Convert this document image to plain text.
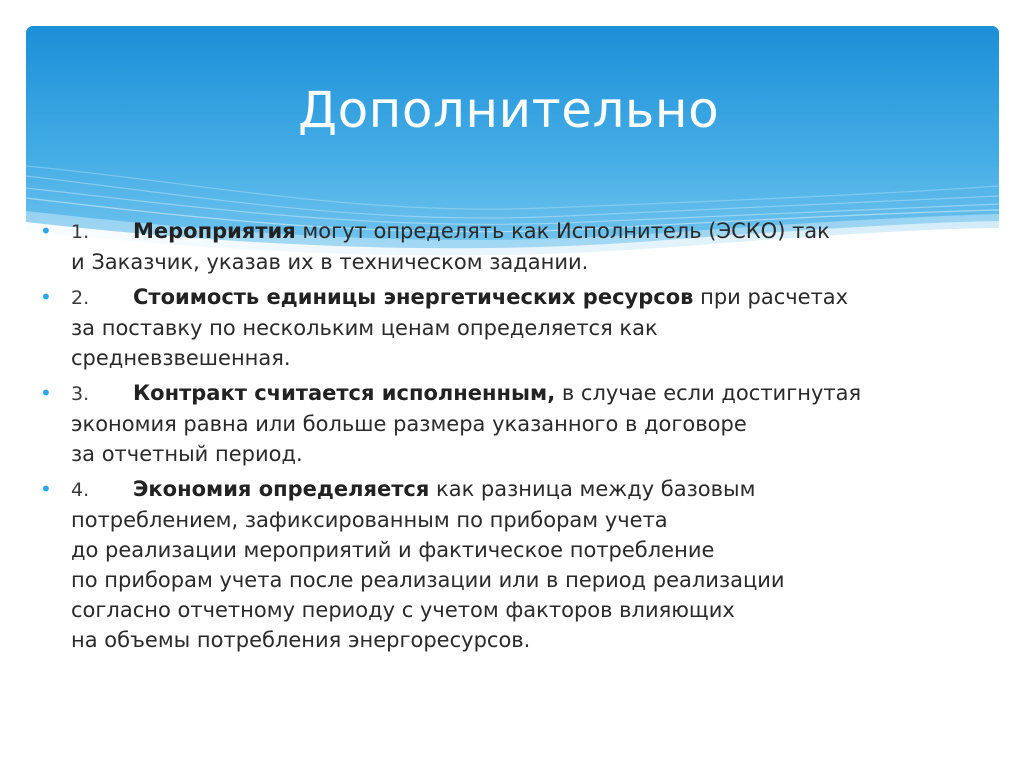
Дополнительно
• 1. Мероприятия могут определять как Исполнитель (ЭСКО) так
и Заказчик, указав их в техническом задании.
• 2. Стоимость единицы энергетических ресурсов при расчетах
за поставку по нескольким ценам определяется как
средневзвешенная.
• 3. Контракт считается исполненным, в случае если достигнутая
экономия равна или больше размера указанного в договоре
за отчетный период.
• 4. Экономия определяется как разница между базовым
потреблением, зафиксированным по приборам учета
до реализации мероприятий и фактическое потребление
по приборам учета после реализации или в период реализации
согласно отчетному периоду с учетом факторов влияющих
на объемы потребления энергоресурсов.
